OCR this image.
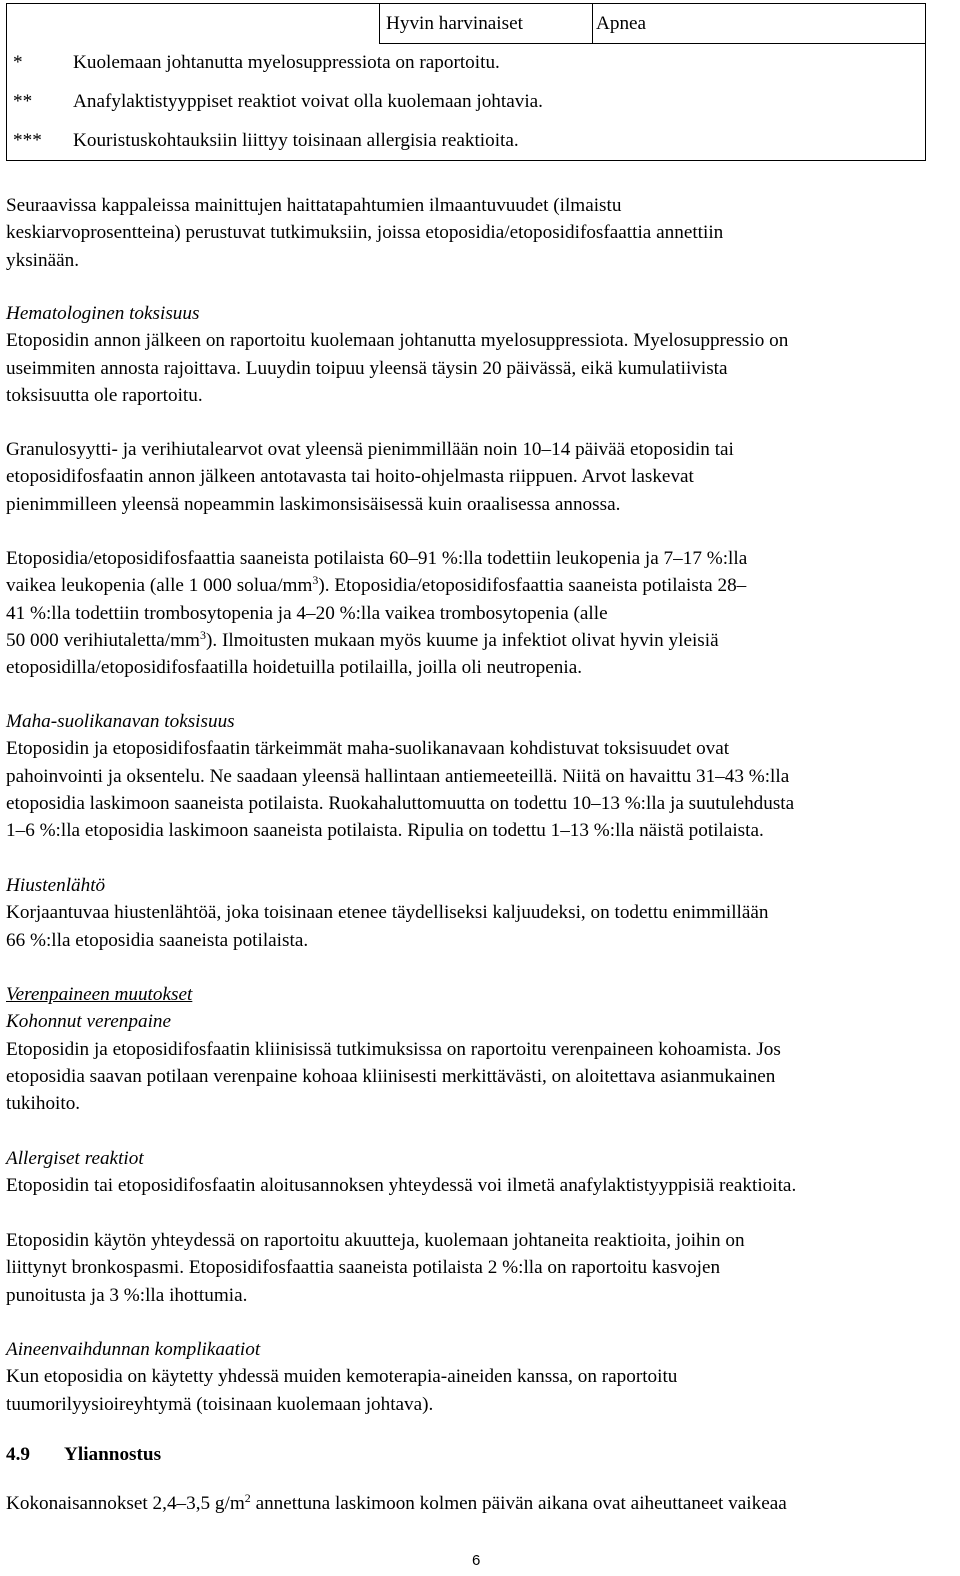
Hyvin harvinaiset	Apnea
*	Kuolemaan johtanutta myelosuppressiota on raportoitu.
** Anafylaktistyyppiset reaktiot voivat olla kuolemaan johtavia.
*** Kouristuskohtauksiin liittyy toisinaan allergisia reaktioita.
Seuraavissa kappaleissa mainittujen haittatapahtumien ilmaantuvuudet (ilmaistu
keskiarvoprosentteina) perustuvat tutkimuksiin, joissa etoposidia/etoposidifosfaattia annettiin
yksinään.
Hematologinen toksisuus
Etoposidin annon jälkeen on raportoitu kuolemaan johtanutta myelosuppressiota. Myelosuppressio on
useimmiten annosta rajoittava. Luuydin toipuu yleensä täysin 20 päivässä, eikä kumulatiivista
toksisuutta ole raportoitu.
Granulosyytti- ja verihiutalearvot ovat yleensä pienimmillään noin 10–14 päivää etoposidin tai
etoposidifosfaatin annon jälkeen antotavasta tai hoito-ohjelmasta riippuen. Arvot laskevat
pienimmilleen yleensä nopeammin laskimonsisäisessä kuin oraalisessa annossa.
Etoposidia/etoposidifosfaattia saaneista potilaista 60–91 %:lla todettiin leukopenia ja 7–17 %:lla
vaikea leukopenia (alle 1 000 solua/$mm^3$). Etoposidia/etoposidifosfaattia saaneista potilaista 28–
41 %:lla todettiin trombosytopenia ja 4–20 %:lla vaikea trombosytopenia (alle
50 000 verihiutaletta/$mm^3$). Ilmoitusten mukaan myös kuume ja infektiot olivat hyvin yleisiä
etoposidilla/etoposidifosfaatilla hoidetuilla potilailla, joilla oli neutropenia.
Maha-suolikanavan toksisuus
Etoposidin ja etoposidifosfaatin tärkeimmät maha-suolikanavaan kohdistuvat toksisuudet ovat
pahoinvointi ja oksentelu. Ne saadaan yleensä hallintaan antiemeeteillä. Niitä on havaittu 31–43 %:lla
etoposidia laskimoon saaneista potilaista. Ruokahaluttomuutta on todettu 10–13 %:lla ja suutulehdusta
1–6 %:lla etoposidia laskimoon saaneista potilaista. Ripulia on todettu 1–13 %:lla näistä potilaista.
Hiustenlähtö
Korjaantuvaa hiustenlähtöä, joka toisinaan etenee täydelliseksi kaljuudeksi, on todettu enimmillään
66 %:lla etoposidia saaneista potilaista.
Verenpaineen muutokset
Kohonnut verenpaine
Etoposidin ja etoposidifosfaatin kliinisissä tutkimuksissa on raportoitu verenpaineen kohoamista. Jos
etoposidia saavan potilaan verenpaine kohoaa kliinisesti merkittävästi, on aloitettava asianmukainen
tukihoito.
Allergiset reaktiot
Etoposidin tai etoposidifosfaatin aloitusannoksen yhteydessä voi ilmetä anafylaktistyyppisiä reaktioita.
Etoposidin käytön yhteydessä on raportoitu akuutteja, kuolemaan johtaneita reaktioita, joihin on
liittynyt bronkospasmi. Etoposidifosfaattia saaneista potilaista 2 %:lla on raportoitu kasvojen
punoitusta ja 3 %:lla ihottumia.
Aineenvaihdunnan komplikaatiot
Kun etoposidia on käytetty yhdessä muiden kemoterapia-aineiden kanssa, on raportoitu
tuumorilyysioireyhtymä (toisinaan kuolemaan johtava).
4.9 Yliannostus
Kokonaisannokset 2,4–3,5 $g/m^2$ annettuna laskimoon kolmen päivän aikana ovat aiheuttaneet vaikeaa
6
